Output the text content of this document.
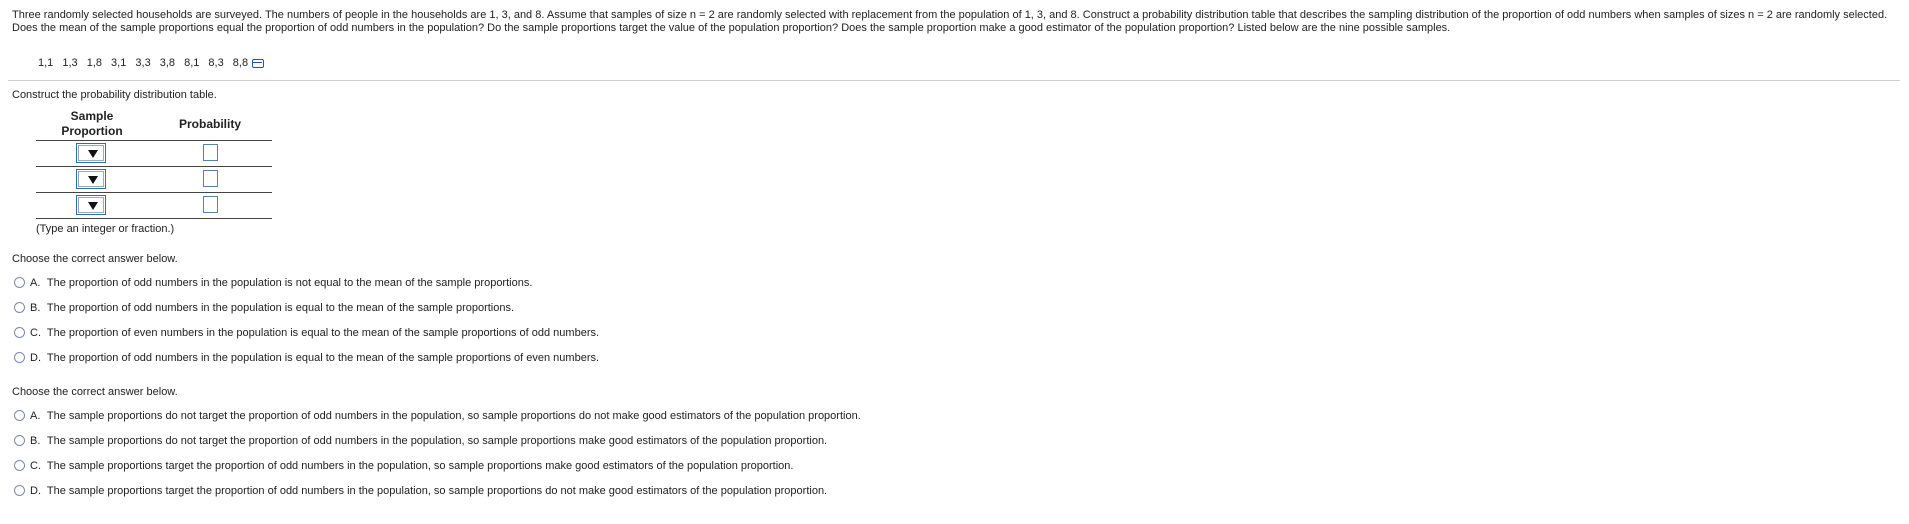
Three randomly selected households are surveyed. The numbers of people in the households are 1, 3, and 8. Assume that samples of size n = 2 are randomly selected with replacement from the population of 1, 3, and 8. Construct a probability distribution table that describes the sampling distribution of the proportion of odd numbers when samples of sizes n = 2 are randomly selected. Does the mean of the sample proportions equal the proportion of odd numbers in the population? Do the sample proportions target the value of the population proportion? Does the sample proportion make a good estimator of the population proportion? Listed below are the nine possible samples.
1,1 1,3 1,8 3,1 3,3 3,8 8,1 8,3 8,8
Construct the probability distribution table.
Sample
Proportion	Probability
(Type an integer or fraction.)
Choose the correct answer below.
A. The proportion of odd numbers in the population is not equal to the mean of the sample proportions.
B. The proportion of odd numbers in the population is equal to the mean of the sample proportions.
C. The proportion of even numbers in the population is equal to the mean of the sample proportions of odd numbers.
D. The proportion of odd numbers in the population is equal to the mean of the sample proportions of even numbers.
Choose the correct answer below.
A. The sample proportions do not target the proportion of odd numbers in the population, so sample proportions do not make good estimators of the population proportion.
B. The sample proportions do not target the proportion of odd numbers in the population, so sample proportions make good estimators of the population proportion.
C. The sample proportions target the proportion of odd numbers in the population, so sample proportions make good estimators of the population proportion.
D. The sample proportions target the proportion of odd numbers in the population, so sample proportions do not make good estimators of the population proportion.
